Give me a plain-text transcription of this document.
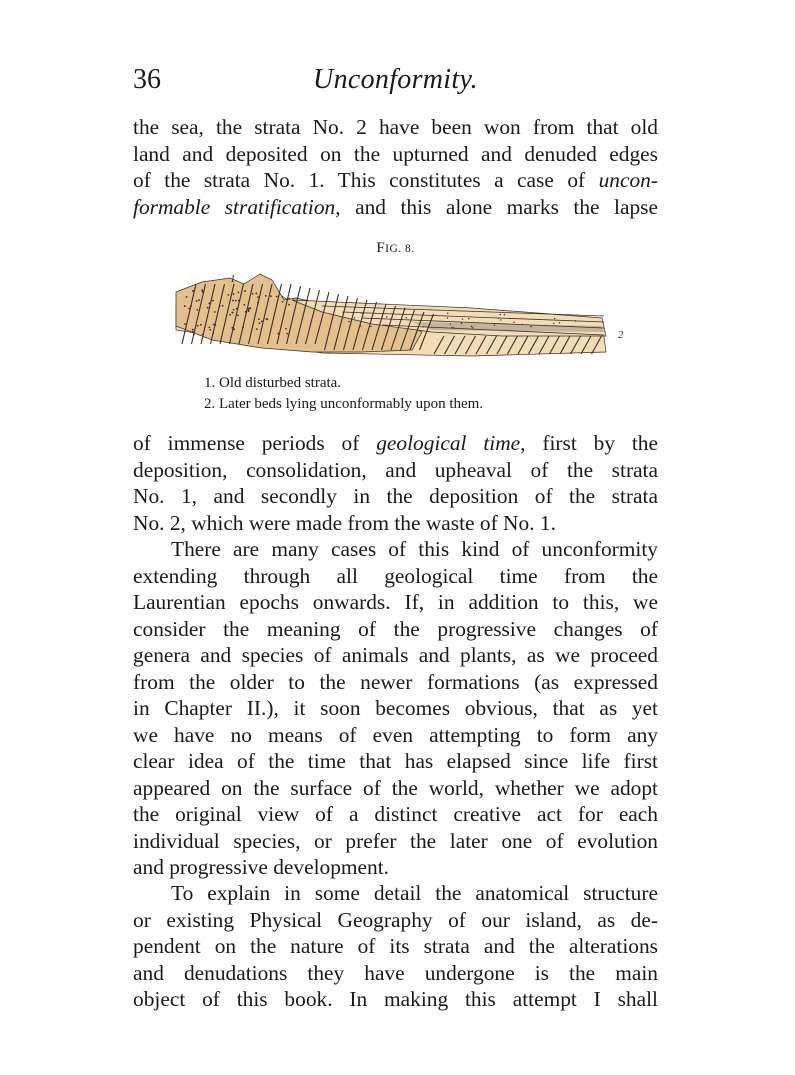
36	Unconformity.
the sea, the strata No. 2 have been won from that old
land and deposited on the upturned and denuded edges
of the strata No. 1. This constitutes a case of uncon-
formable stratification, and this alone marks the lapse
FIG. 8.
1
2
1. Old disturbed strata.
2. Later beds lying unconformably upon them.
of immense periods of geological time, first by the
deposition, consolidation, and upheaval of the strata
No. 1, and secondly in the deposition of the strata
No. 2, which were made from the waste of No. 1.
There are many cases of this kind of unconformity
extending through all geological time from the
Laurentian epochs onwards. If, in addition to this, we
consider the meaning of the progressive changes of
genera and species of animals and plants, as we proceed
from the older to the newer formations (as expressed
in Chapter II.), it soon becomes obvious, that as yet
we have no means of even attempting to form any
clear idea of the time that has elapsed since life first
appeared on the surface of the world, whether we adopt
the original view of a distinct creative act for each
individual species, or prefer the later one of evolution
and progressive development.
To explain in some detail the anatomical structure
or existing Physical Geography of our island, as de-
pendent on the nature of its strata and the alterations
and denudations they have undergone is the main
object of this book. In making this attempt I shall
